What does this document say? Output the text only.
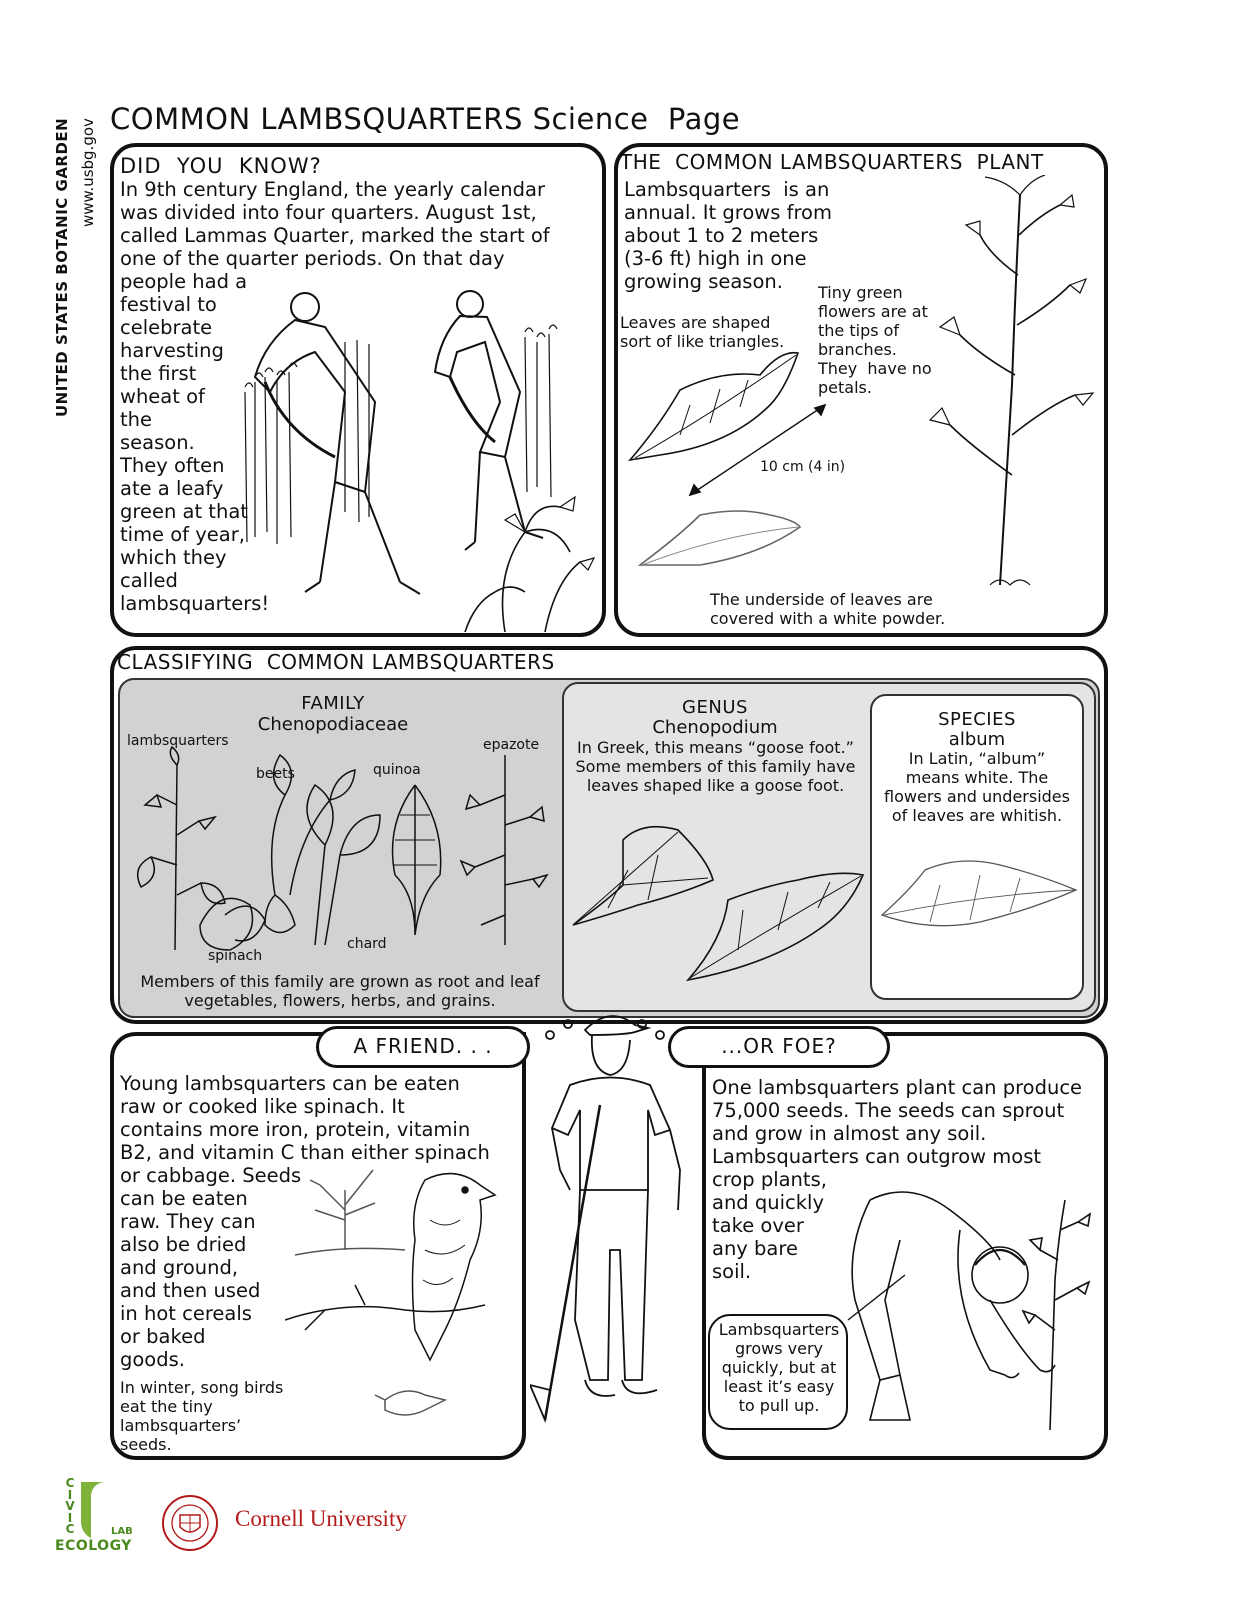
UNITED STATES BOTANIC GARDEN www.usbg.gov COMMON LAMBSQUARTERS Science  Page
DID  YOU  KNOW?
In 9th century England, the yearly calendar
was divided into four quarters. August 1st,
called Lammas Quarter, marked the start of
one of the quarter periods. On that day
people had a
festival to
celebrate
harvesting
the first
wheat of
the
season.
They often
ate a leafy
green at that
time of year,
which they
called
lambsquarters!
THE  COMMON LAMBSQUARTERS  PLANT
Lambsquarters  is an
annual. It grows from
about 1 to 2 meters
(3-6 ft) high in one
growing season.
Leaves are shaped
sort of like triangles.
Tiny green
flowers are at
the tips of
branches.
They  have no
petals.
10 cm (4 in)
The underside of leaves are
covered with a white powder.
CLASSIFYING  COMMON LAMBSQUARTERS
FAMILY
Chenopodiaceae
lambsquarters
beets	quinoa
epazote
spinach
chard
Members of this family are grown as root and leaf
vegetables, flowers, herbs, and grains.
GENUS
Chenopodium
In Greek, this means “goose foot.”
Some members of this family have
leaves shaped like a goose foot.
SPECIES
album
In Latin, “album”
means white. The
flowers and undersides
of leaves are whitish.
A FRIEND. . .
Young lambsquarters can be eaten
raw or cooked like spinach. It
contains more iron, protein, vitamin
B2, and vitamin C than either spinach
or cabbage. Seeds
can be eaten
raw. They can
also be dried
and ground,
and then used
in hot cereals
or baked
goods.
In winter, song birds
eat the tiny
lambsquarters’
seeds.
...OR FOE?
One lambsquarters plant can produce
75,000 seeds. The seeds can sprout
and grow in almost any soil.
Lambsquarters can outgrow most
crop plants,
and quickly
take over
any bare
soil.
Lambsquarters
grows very
quickly, but at
least it’s easy
to pull up.
C
I
V
I
C	LAB
ECOLOGY
Cornell University
